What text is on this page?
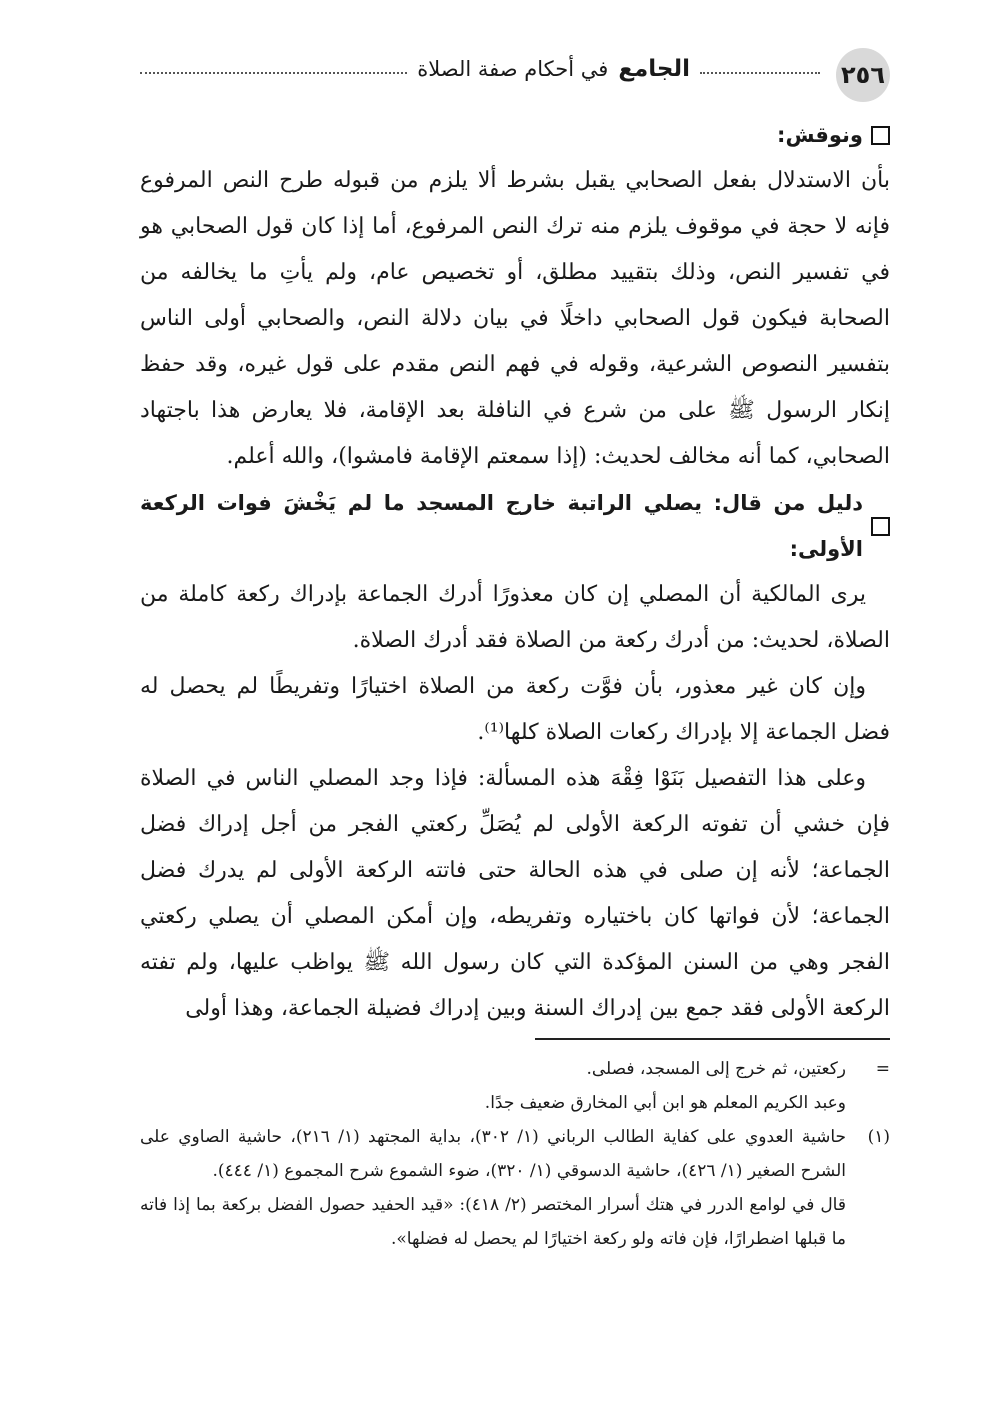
٢٥٦
الجامع
في أحكام صفة الصلاة
ونوقش:

بأن الاستدلال بفعل الصحابي يقبل بشرط ألا يلزم من قبوله طرح النص المرفوع فإنه لا حجة في موقوف يلزم منه ترك النص المرفوع، أما إذا كان قول الصحابي هو في تفسير النص، وذلك بتقييد مطلق، أو تخصيص عام، ولم يأتِ ما يخالفه من الصحابة فيكون قول الصحابي داخلًا في بيان دلالة النص، والصحابي أولى الناس بتفسير النصوص الشرعية، وقوله في فهم النص مقدم على قول غيره، وقد حفظ إنكار الرسول ﷺ على من شرع في النافلة بعد الإقامة، فلا يعارض هذا باجتهاد الصحابي، كما أنه مخالف لحديث: (إذا سمعتم الإقامة فامشوا)، والله أعلم.

دليل من قال: يصلي الراتبة خارج المسجد ما لم يَخْشَ فوات الركعة الأولى:

يرى المالكية أن المصلي إن كان معذورًا أدرك الجماعة بإدراك ركعة كاملة من الصلاة، لحديث: من أدرك ركعة من الصلاة فقد أدرك الصلاة.

وإن كان غير معذور، بأن فوَّت ركعة من الصلاة اختيارًا وتفريطًا لم يحصل له فضل الجماعة إلا بإدراك ركعات الصلاة كلها⁽¹⁾.

وعلى هذا التفصيل بَنَوْا فِقْهَ هذه المسألة: فإذا وجد المصلي الناس في الصلاة فإن خشي أن تفوته الركعة الأولى لم يُصَلِّ ركعتي الفجر من أجل إدراك فضل الجماعة؛ لأنه إن صلى في هذه الحالة حتى فاتته الركعة الأولى لم يدرك فضل الجماعة؛ لأن فواتها كان باختياره وتفريطه، وإن أمكن المصلي أن يصلي ركعتي الفجر وهي من السنن المؤكدة التي كان رسول الله ﷺ يواظب عليها، ولم تفته الركعة الأولى فقد جمع بين إدراك السنة وبين إدراك فضيلة الجماعة، وهذا أولى

=

ركعتين، ثم خرج إلى المسجد، فصلى.

وعبد الكريم المعلم هو ابن أبي المخارق ضعيف جدًا.

(١)

حاشية العدوي على كفاية الطالب الرباني (١/ ٣٠٢)، بداية المجتهد (١/ ٢١٦)، حاشية الصاوي على الشرح الصغير (١/ ٤٢٦)، حاشية الدسوقي (١/ ٣٢٠)، ضوء الشموع شرح المجموع (١/ ٤٤٤).

قال في لوامع الدرر في هتك أسرار المختصر (٢/ ٤١٨): «قيد الحفيد حصول الفضل بركعة بما إذا فاته ما قبلها اضطرارًا، فإن فاته ولو ركعة اختيارًا لم يحصل له فضلها».
